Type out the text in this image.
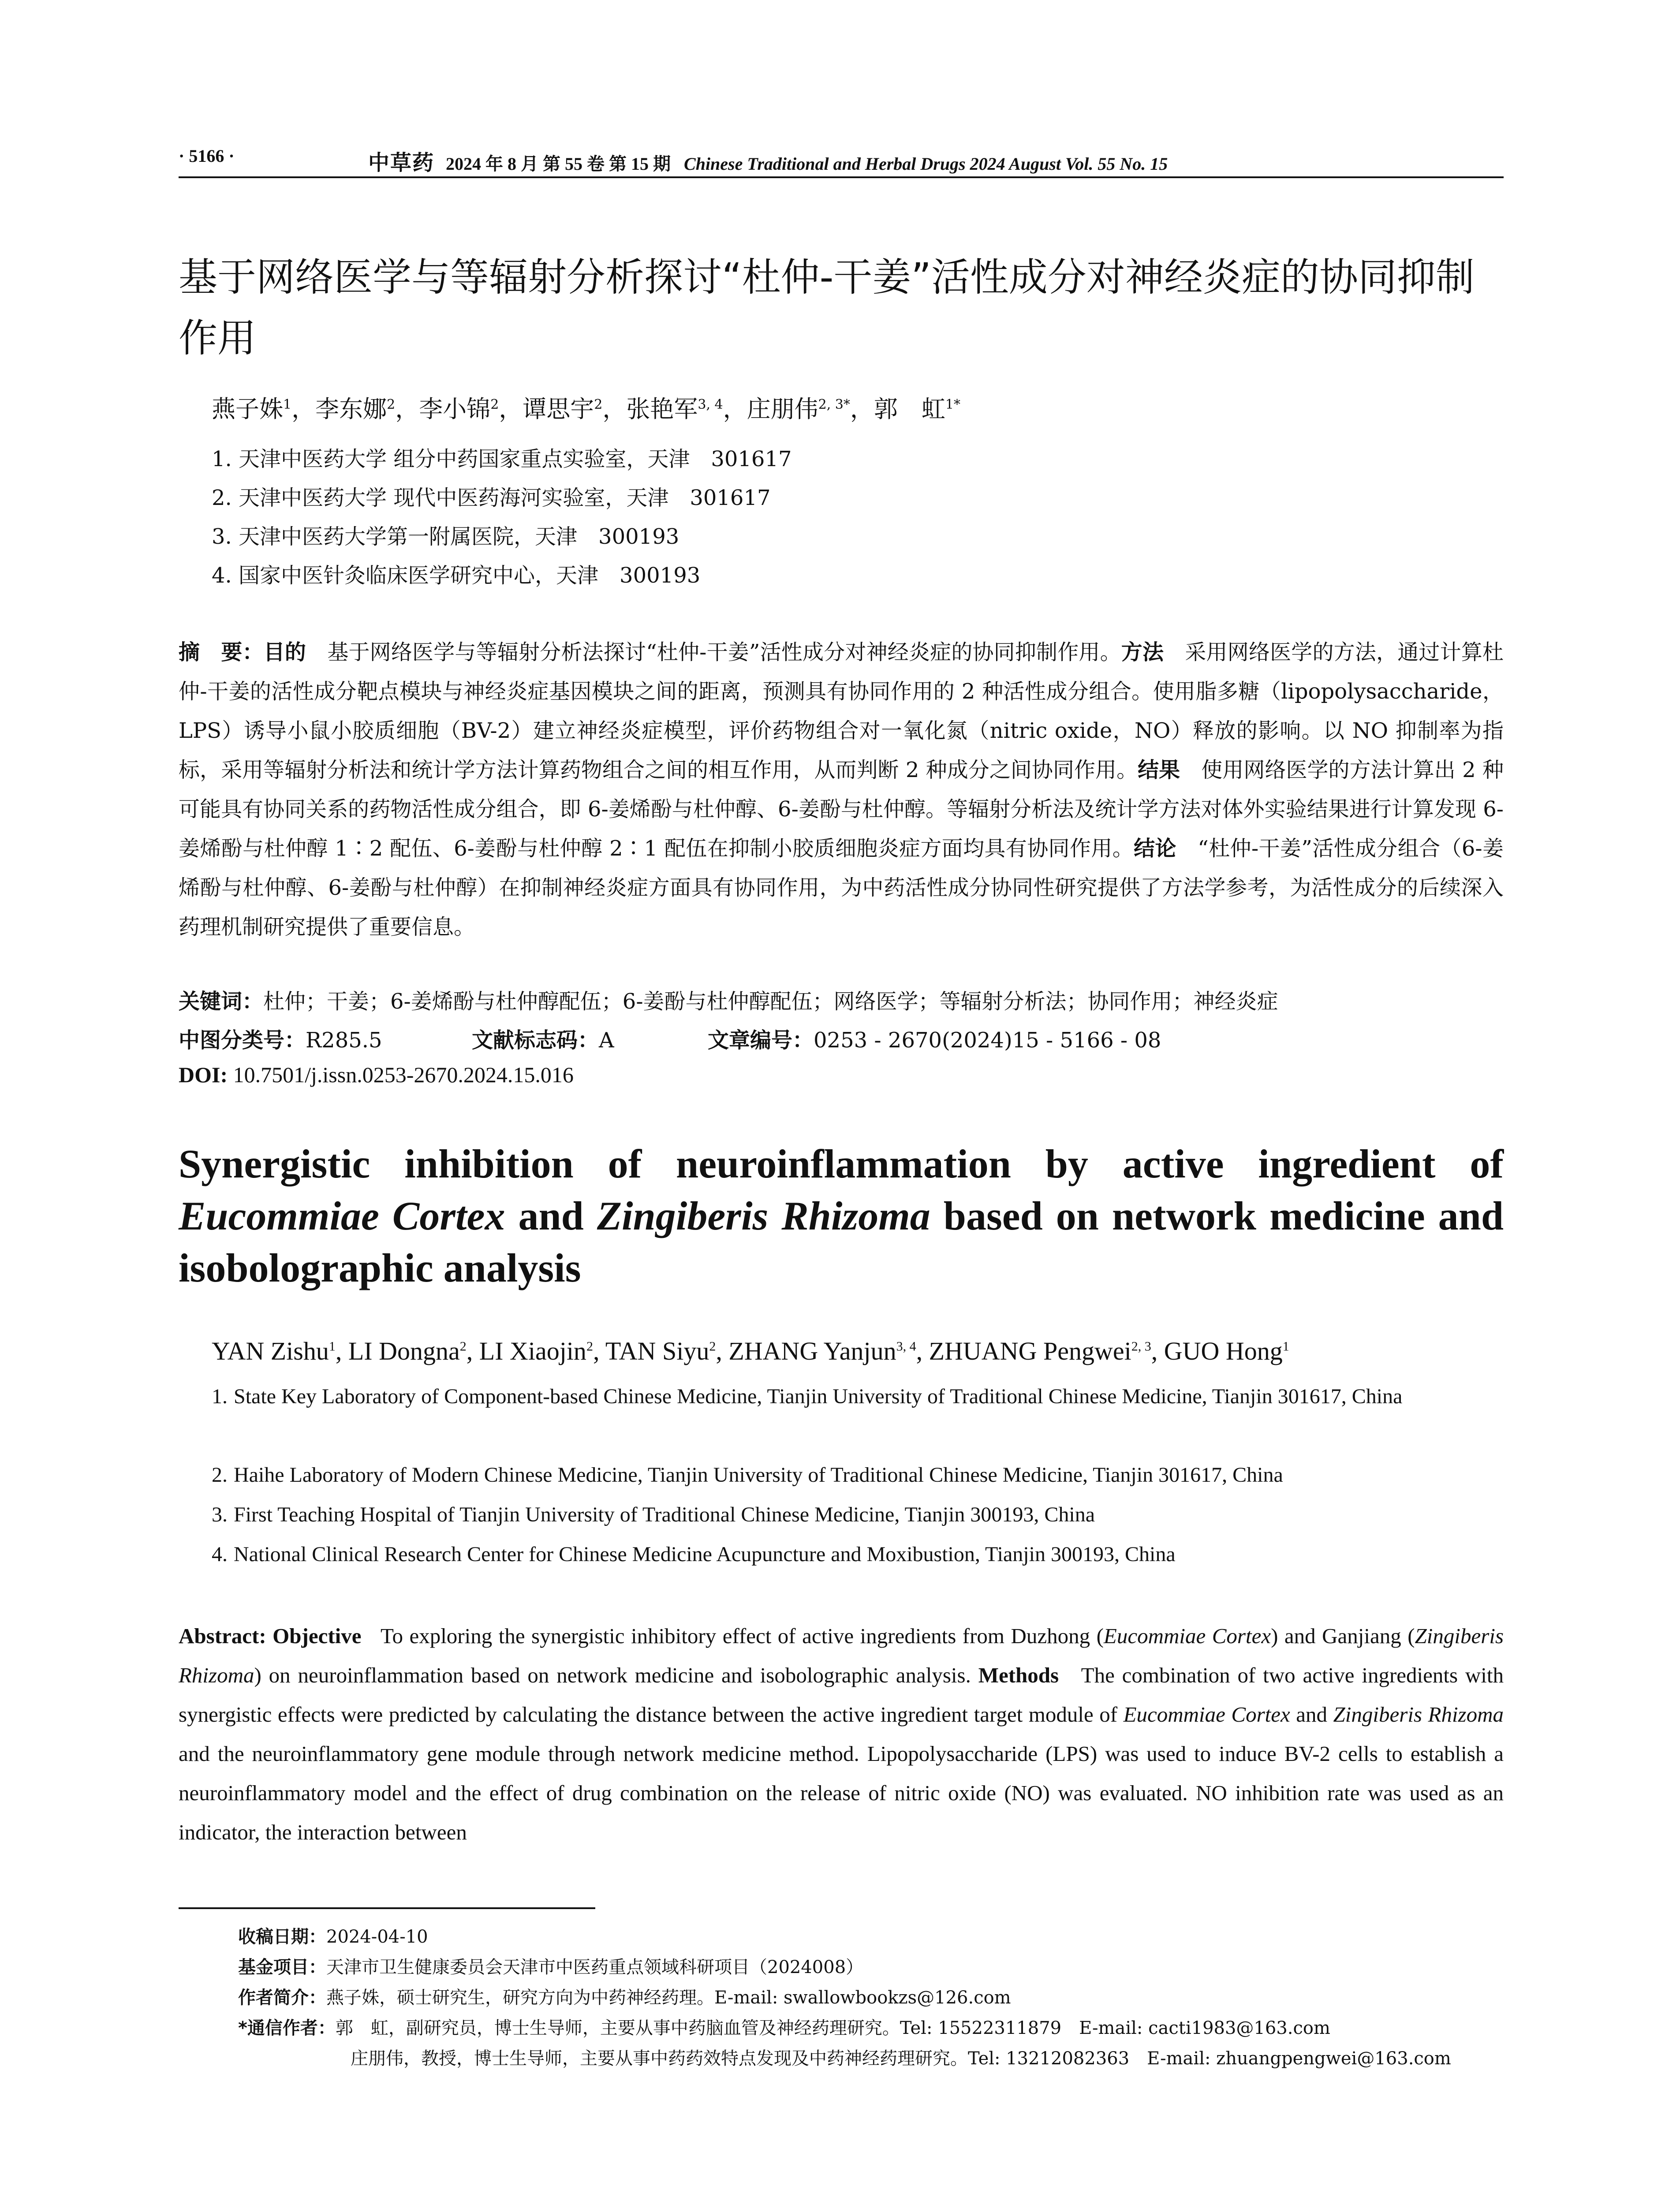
· 5166 ·	中草药 2024 年 8 月 第 55 卷 第 15 期 Chinese Traditional and Herbal Drugs 2024 August Vol. 55 No. 15
基于网络医学与等辐射分析探讨“杜仲-干姜”活性成分对神经炎症的协同抑制作用
燕子姝$^1$，李东娜$^2$，李小锦$^2$，谭思宇$^2$，张艳军$^{3, 4}$，庄朋伟$^{2, 3*}$，郭　虹$^{1*}$
1. 天津中医药大学 组分中药国家重点实验室，天津　301617
2. 天津中医药大学 现代中医药海河实验室，天津　301617
3. 天津中医药大学第一附属医院，天津　300193
4. 国家中医针灸临床医学研究中心，天津　300193
摘　要：目的　 基于网络医学与等辐射分析法探讨“杜仲-干姜”活性成分对神经炎症的协同抑制作用。方法　 采用网络医学的方法，通过计算杜仲-干姜的活性成分靶点模块与神经炎症基因模块之间的距离，预测具有协同作用的 2 种活性成分组合。使用脂多糖（lipopolysaccharide，LPS）诱导小鼠小胶质细胞（BV-2）建立神经炎症模型，评价药物组合对一氧化氮（nitric oxide，NO）释放的影响。以 NO 抑制率为指标，采用等辐射分析法和统计学方法计算药物组合之间的相互作用，从而判断 2 种成分之间协同作用。结果　 使用网络医学的方法计算出 2 种可能具有协同关系的药物活性成分组合，即 6-姜烯酚与杜仲醇、6-姜酚与杜仲醇。等辐射分析法及统计学方法对体外实验结果进行计算发现 6-姜烯酚与杜仲醇 1∶2 配伍、6-姜酚与杜仲醇 2∶1 配伍在抑制小胶质细胞炎症方面均具有协同作用。结论　 “杜仲-干姜”活性成分组合（6-姜烯酚与杜仲醇、6-姜酚与杜仲醇）在抑制神经炎症方面具有协同作用，为中药活性成分协同性研究提供了方法学参考，为活性成分的后续深入药理机制研究提供了重要信息。
关键词：杜仲；干姜；6-姜烯酚与杜仲醇配伍；6-姜酚与杜仲醇配伍；网络医学；等辐射分析法；协同作用；神经炎症
中图分类号：R285.5	文献标志码：A	文章编号：0253 - 2670(2024)15 - 5166 - 08
DOI: 10.7501/j.issn.0253-2670.2024.15.016
Synergistic inhibition of neuroinflammation by active ingredient of Eucommiae Cortex and Zingiberis Rhizoma based on network medicine and isobolographic analysis
YAN Zishu$^1$, LI Dongna$^2$, LI Xiaojin$^2$, TAN Siyu$^2$, ZHANG Yanjun$^{3, 4}$, ZHUANG Pengwei$^{2, 3}$, GUO Hong$^1$
1. State Key Laboratory of Component-based Chinese Medicine, Tianjin University of Traditional Chinese Medicine, Tianjin 301617, China
2. Haihe Laboratory of Modern Chinese Medicine, Tianjin University of Traditional Chinese Medicine, Tianjin 301617, China
3. First Teaching Hospital of Tianjin University of Traditional Chinese Medicine, Tianjin 300193, China
4. National Clinical Research Center for Chinese Medicine Acupuncture and Moxibustion, Tianjin 300193, China
Abstract: Objective To exploring the synergistic inhibitory effect of active ingredients from Duzhong (Eucommiae Cortex) and Ganjiang (Zingiberis Rhizoma) on neuroinflammation based on network medicine and isobolographic analysis. Methods The combination of two active ingredients with synergistic effects were predicted by calculating the distance between the active ingredient target module of Eucommiae Cortex and Zingiberis Rhizoma and the neuroinflammatory gene module through network medicine method. Lipopolysaccharide (LPS) was used to induce BV-2 cells to establish a neuroinflammatory model and the effect of drug combination on the release of nitric oxide (NO) was evaluated. NO inhibition rate was used as an indicator, the interaction between
收稿日期：2024-04-10
基金项目：天津市卫生健康委员会天津市中医药重点领域科研项目（2024008）
作者简介：燕子姝，硕士研究生，研究方向为中药神经药理。E-mail: swallowbookzs@126.com
*通信作者：郭　虹，副研究员，博士生导师，主要从事中药脑血管及神经药理研究。Tel: 15522311879　E-mail: cacti1983@163.com
庄朋伟，教授，博士生导师，主要从事中药药效特点发现及中药神经药理研究。Tel: 13212082363　E-mail: zhuangpengwei@163.com
